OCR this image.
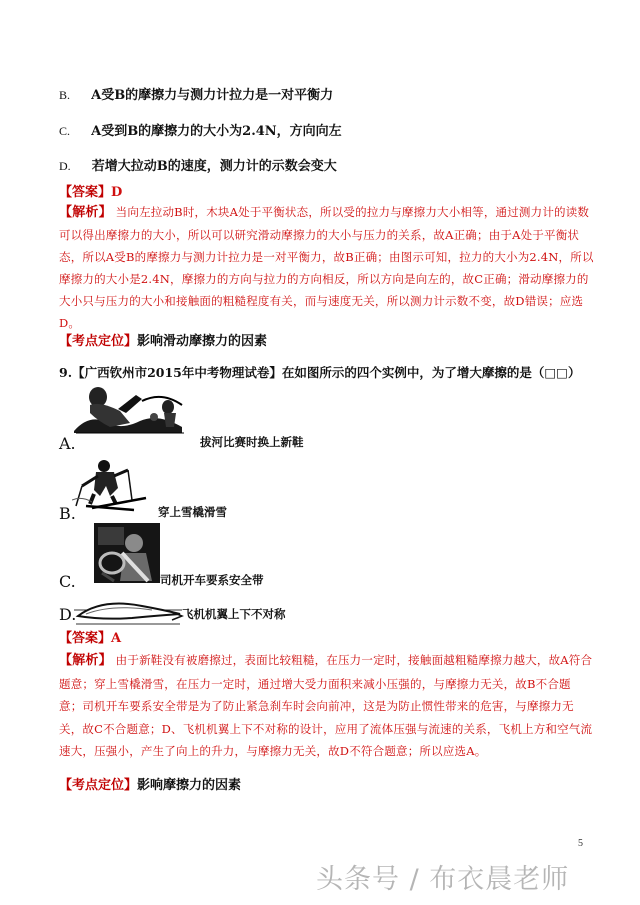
B. A受B的摩擦力与测力计拉力是一对平衡力
C. A受到B的摩擦力的大小为2.4N，方向向左
D. 若增大拉动B的速度，测力计的示数会变大
【答案】D
【解析】 当向左拉动B时，木块A处于平衡状态，所以受的拉力与摩擦力大小相等，通过测力计的读数可以得出摩擦力的大小，所以可以研究滑动摩擦力的大小与压力的关系，故A正确；由于A处于平衡状态，所以A受B的摩擦力与测力计拉力是一对平衡力，故B正确；由图示可知，拉力的大小为2.4N，所以摩擦力的大小是2.4N，摩擦力的方向与拉力的方向相反，所以方向是向左的，故C正确；滑动摩擦力的大小只与压力的大小和接触面的粗糙程度有关，而与速度无关，所以测力计示数不变，故D错误；应选D。
【考点定位】影响滑动摩擦力的因素
9.【广西钦州市2015年中考物理试卷】在如图所示的四个实例中，为了增大摩擦的是（□□）
A.	拔河比赛时换上新鞋
B.	穿上雪橇滑雪
C.	司机开车要系安全带
D.	飞机机翼上下不对称
【答案】A
【解析】 由于新鞋没有被磨擦过，表面比较粗糙，在压力一定时，接触面越粗糙摩擦力越大，故A符合题意；穿上雪橇滑雪，在压力一定时，通过增大受力面积来减小压强的，与摩擦力无关，故B不合题意；司机开车要系安全带是为了防止紧急刹车时会向前冲，这是为防止惯性带来的危害，与摩擦力无关，故C不合题意；D、飞机机翼上下不对称的设计，应用了流体压强与流速的关系，飞机上方和空气流速大，压强小，产生了向上的升力，与摩擦力无关，故D不符合题意；所以应选A。
【考点定位】影响摩擦力的因素
5
头条号 / 布衣晨老师
